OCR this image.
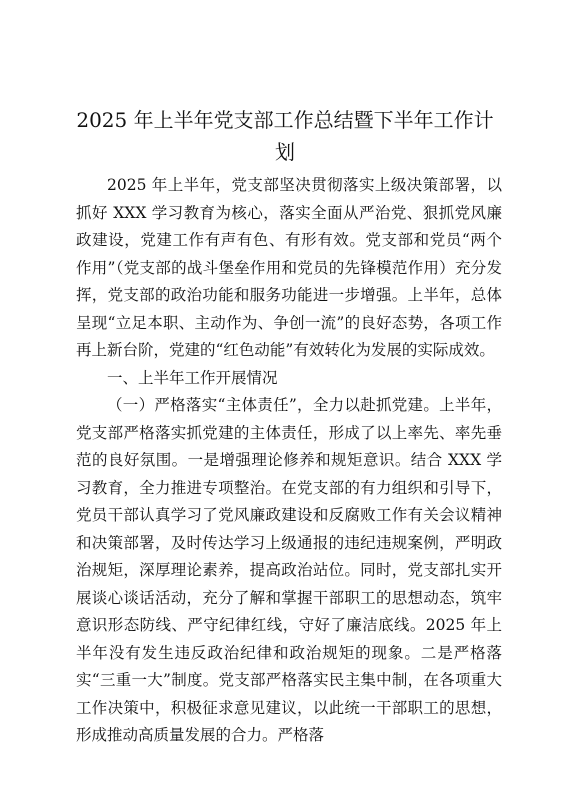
2025 年上半年党支部工作总结暨下半年工作计划

2025 年上半年，党支部坚决贯彻落实上级决策部署，以抓好 XXX 学习教育为核心，落实全面从严治党、狠抓党风廉政建设，党建工作有声有色、有形有效。党支部和党员“两个作用”（党支部的战斗堡垒作用和党员的先锋模范作用）充分发挥，党支部的政治功能和服务功能进一步增强。上半年，总体呈现“立足本职、主动作为、争创一流”的良好态势，各项工作再上新台阶，党建的“红色动能”有效转化为发展的实际成效。

一、上半年工作开展情况

（一）严格落实“主体责任”，全力以赴抓党建。上半年，党支部严格落实抓党建的主体责任，形成了以上率先、率先垂范的良好氛围。一是增强理论修养和规矩意识。结合 XXX 学习教育，全力推进专项整治。在党支部的有力组织和引导下，党员干部认真学习了党风廉政建设和反腐败工作有关会议精神和决策部署，及时传达学习上级通报的违纪违规案例，严明政治规矩，深厚理论素养，提高政治站位。同时，党支部扎实开展谈心谈话活动，充分了解和掌握干部职工的思想动态，筑牢意识形态防线、严守纪律红线，守好了廉洁底线。2025 年上半年没有发生违反政治纪律和政治规矩的现象。二是严格落实“三重一大”制度。党支部严格落实民主集中制，在各项重大工作决策中，积极征求意见建议，以此统一干部职工的思想，形成推动高质量发展的合力。严格落
